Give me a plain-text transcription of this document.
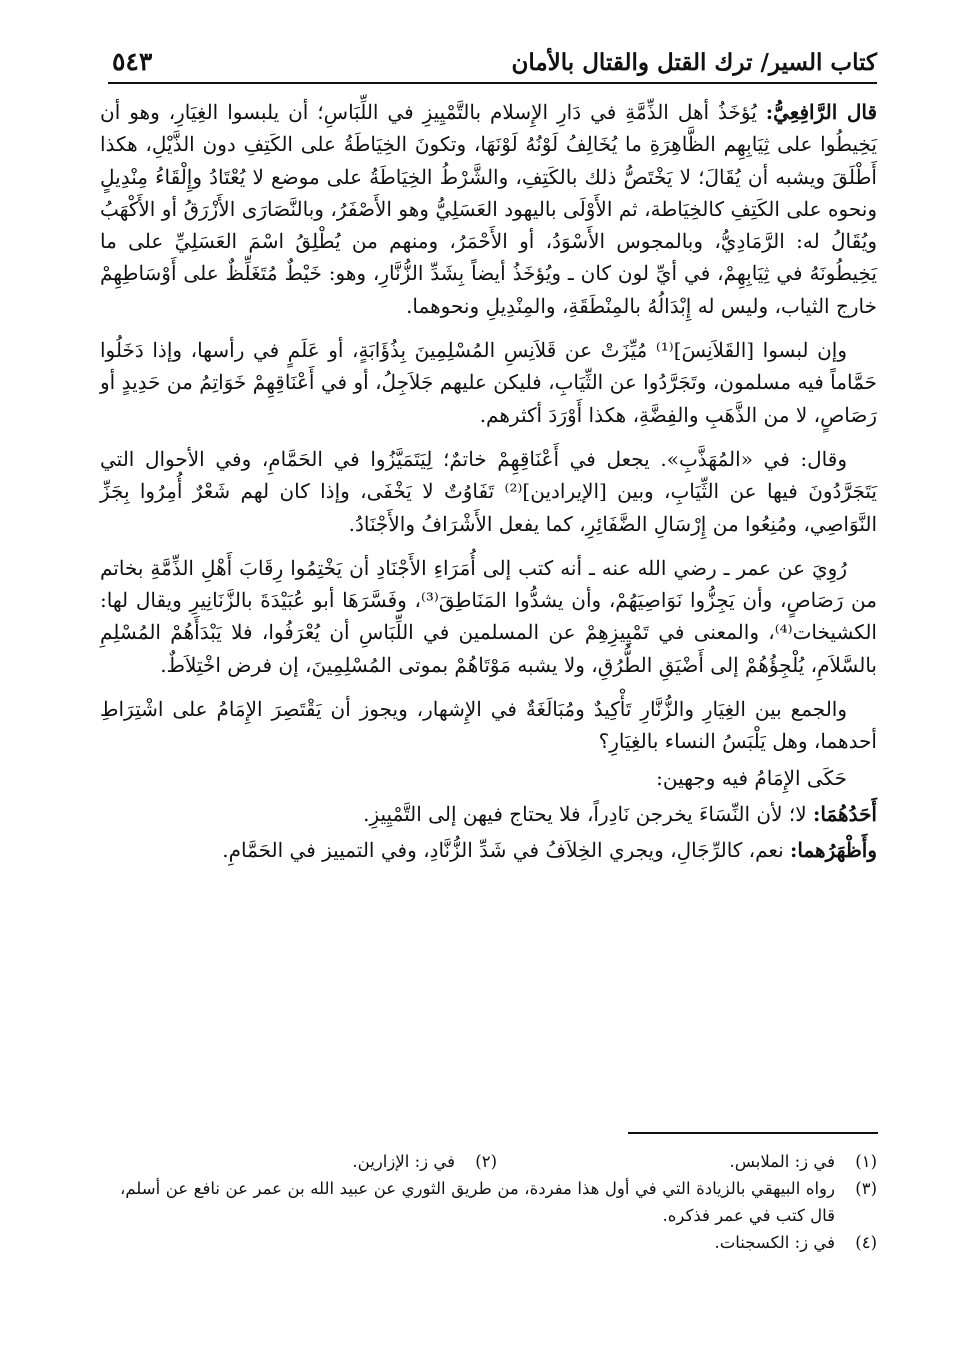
كتاب السير/ ترك القتل والقتال بالأمان
٥٤٣

قال الرَّافِعِيُّ: يُؤخَذُ أهل الذِّمَّةِ في دَارِ الإِسلام بالتَّمْيِيزِ في اللِّبَاسِ؛ أن يلبسوا الغِيَارِ، وهو أن يَخِيطُوا على ثِيَابِهِم الظَّاهِرَةِ ما يُخَالِفُ لَوْنُهُ لَوْنَهَا، وتكونَ الخِيَاطَةُ على الكَتِفِ دون الذَّيْلِ، هكذا أَطْلَقَ ويشبه أن يُقَالَ؛ لا يَخْتَصُّ ذلك بالكَتِفِ، والشَّرْطُ الخِيَاطَةُ على موضع لا يُعْتَادُ وإِلْقَاءُ مِنْدِيلٍ ونحوه على الكَتِفِ كالخِيَاطة، ثم الأَوْلَى باليهود العَسَلِيُّ وهو الأَصْفَرُ، وبالنَّصَارَى الأَزْرَقُ أو الأَكْهَبُ ويُقَالُ له: الرَّمَادِيُّ، وبالمجوس الأَسْوَدُ، أو الأَحْمَرُ، ومنهم من يُطْلِقُ اسْمَ العَسَلِيِّ على ما يَخِيطُونَهُ في ثِيَابِهِمْ، في أيِّ لون كان ـ ويُؤخَذُ أيضاً بِشَدِّ الزُّنَّارِ، وهو: خَيْطٌ مُتَغَلِّظٌ على أَوْسَاطِهِمْ خارج الثياب، وليس له إِبْدَالُهُ بالمِنْطَقَةِ، والمِنْدِيلِ ونحوهما.

وإن لبسوا [القَلاَنِسَ]⁽¹⁾ مُيِّزَتْ عن قَلاَنِسِ المُسْلِمِينَ بِذُؤَابَةٍ، أو عَلَمٍ في رأسها، وإذا دَخَلُوا حَمَّاماً فيه مسلمون، وتَجَرَّدُوا عن الثِّيَابِ، فليكن عليهم جَلاَجِلُ، أو في أَعْنَاقِهِمْ خَوَاتِمُ من حَدِيدٍ أو رَصَاصٍ، لا من الذَّهَبِ والفِضَّةِ، هكذا أَوْرَدَ أكثرهم.

وقال: في «المُهَذَّبِ». يجعل في أَعْنَاقِهِمْ خاتمٌ؛ لِيَتَمَيَّزُوا في الحَمَّامِ، وفي الأحوال التي يَتَجَرَّدُونَ فيها عن الثِّيَابِ، وبين [الإيرادين]⁽²⁾ تَفَاوُتٌ لا يَخْفَى، وإذا كان لهم شَعْرٌ أُمِرُوا بِجَزِّ النَّوَاصِي، ومُنِعُوا من إِرْسَالِ الضَّفَائِرِ، كما يفعل الأَشْرَافُ والأَجْنَادُ.

رُوِيَ عن عمر ـ رضي الله عنه ـ أنه كتب إلى أُمَرَاءِ الأَجْنَادِ أن يَخْتِمُوا رِقَابَ أَهْلِ الذِّمَّةِ بخاتم من رَصَاصٍ، وأن يَجِزُّوا نَوَاصِيَهُمْ، وأن يشدُّوا المَنَاطِقَ⁽³⁾، وفَسَّرَهَا أبو عُبَيْدَةَ بالزَّنَانِيرِ ويقال لها: الكشيخات⁽⁴⁾، والمعنى في تَمْيِيزِهِمْ عن المسلمين في اللِّبَاسِ أن يُعْرَفُوا، فلا يَبْدَأَهُمْ المُسْلِمِ بالسَّلاَمِ، يُلْجِؤُهُمْ إلى أَضْيَقِ الطُّرُقِ، ولا يشبه مَوْتَاهُمْ بموتى المُسْلِمِينَ، إن فرض اخْتِلاَطٌ.

والجمع بين الغِيَارِ والزُّنَّارِ تَأْكِيدٌ ومُبَالَغَةٌ في الإِشهار، ويجوز أن يَقْتَصِرَ الإِمَامُ على اشْتِرَاطِ أحدهما، وهل يَلْبَسُ النساء بالغِيَارِ؟

حَكَى الإِمَامُ فيه وجهين:

أَحَدُهُمَا: لا؛ لأن النِّسَاءَ يخرجن نَادِراً، فلا يحتاج فيهن إلى التَّمْيِيزِ.

وأَظْهَرُهما: نعم، كالرِّجَالِ، ويجري الخِلاَفُ في شَدِّ الزُّنَّادِ، وفي التمييز في الحَمَّامِ.

(١)
في ز: الملابس.
(٢)
في ز: الإزارين.
(٣)
رواه البيهقي بالزيادة التي في أول هذا مفردة، من طريق الثوري عن عبيد الله بن عمر عن نافع عن أسلم، قال كتب في عمر فذكره.
(٤)
في ز: الكسجنات.
